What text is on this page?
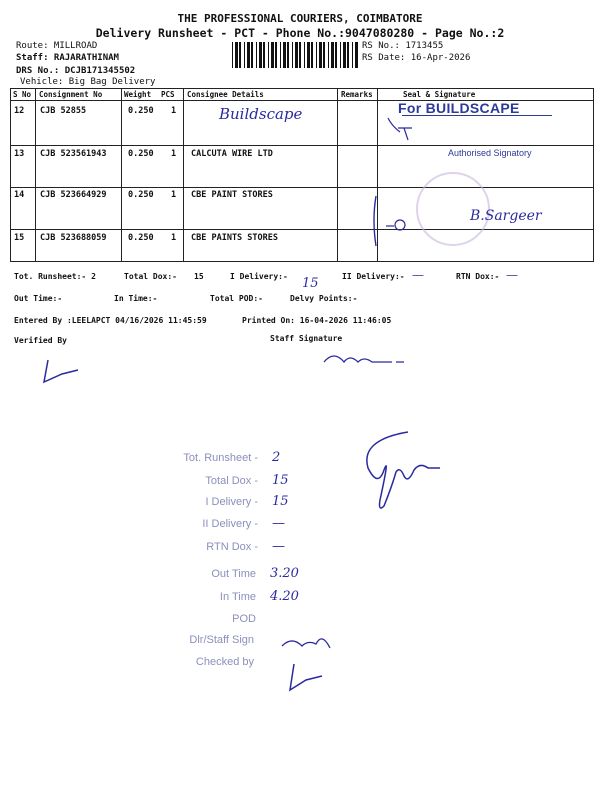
THE PROFESSIONAL COURIERS, COIMBATORE
Delivery Runsheet - PCT - Phone No.:9047080280 - Page No.:2
Route: MILLROAD
Staff: RAJARATHINAM
DRS No.: DCJB171345502
Vehicle: Big Bag Delivery
RS No.: 1713455
RS Date: 16-Apr-2026
S No Consignment No	Weight PCS Consignee Details	Remarks	Seal & Signature
12 CJB 52855	0.250 1	Buildscape
13 CJB 523561943	0.250 1 CALCUTA WIRE LTD
14 CJB 523664929	0.250 1 CBE PAINT STORES
15 CJB 523688059	0.250 1 CBE PAINTS STORES
For BUILDSCAPE
Authorised Signatory
B.Sargeer
Tot. Runsheet:- 2	Total Dox:- 15	I Delivery:- 15	II Delivery:- —	RTN Dox:- —
Out Time:-	In Time:-	Total POD:-	Delvy Points:-
Entered By :LEELAPCT 04/16/2026 11:45:59	Printed On: 16-04-2026 11:46:05
Verified By	Staff Signature
Tot. Runsheet - 2
Total Dox - 15
I Delivery - 15
II Delivery - —
RTN Dox - —
Out Time 3.20
In Time 4.20
POD
Dlr/Staff Sign
Checked by
